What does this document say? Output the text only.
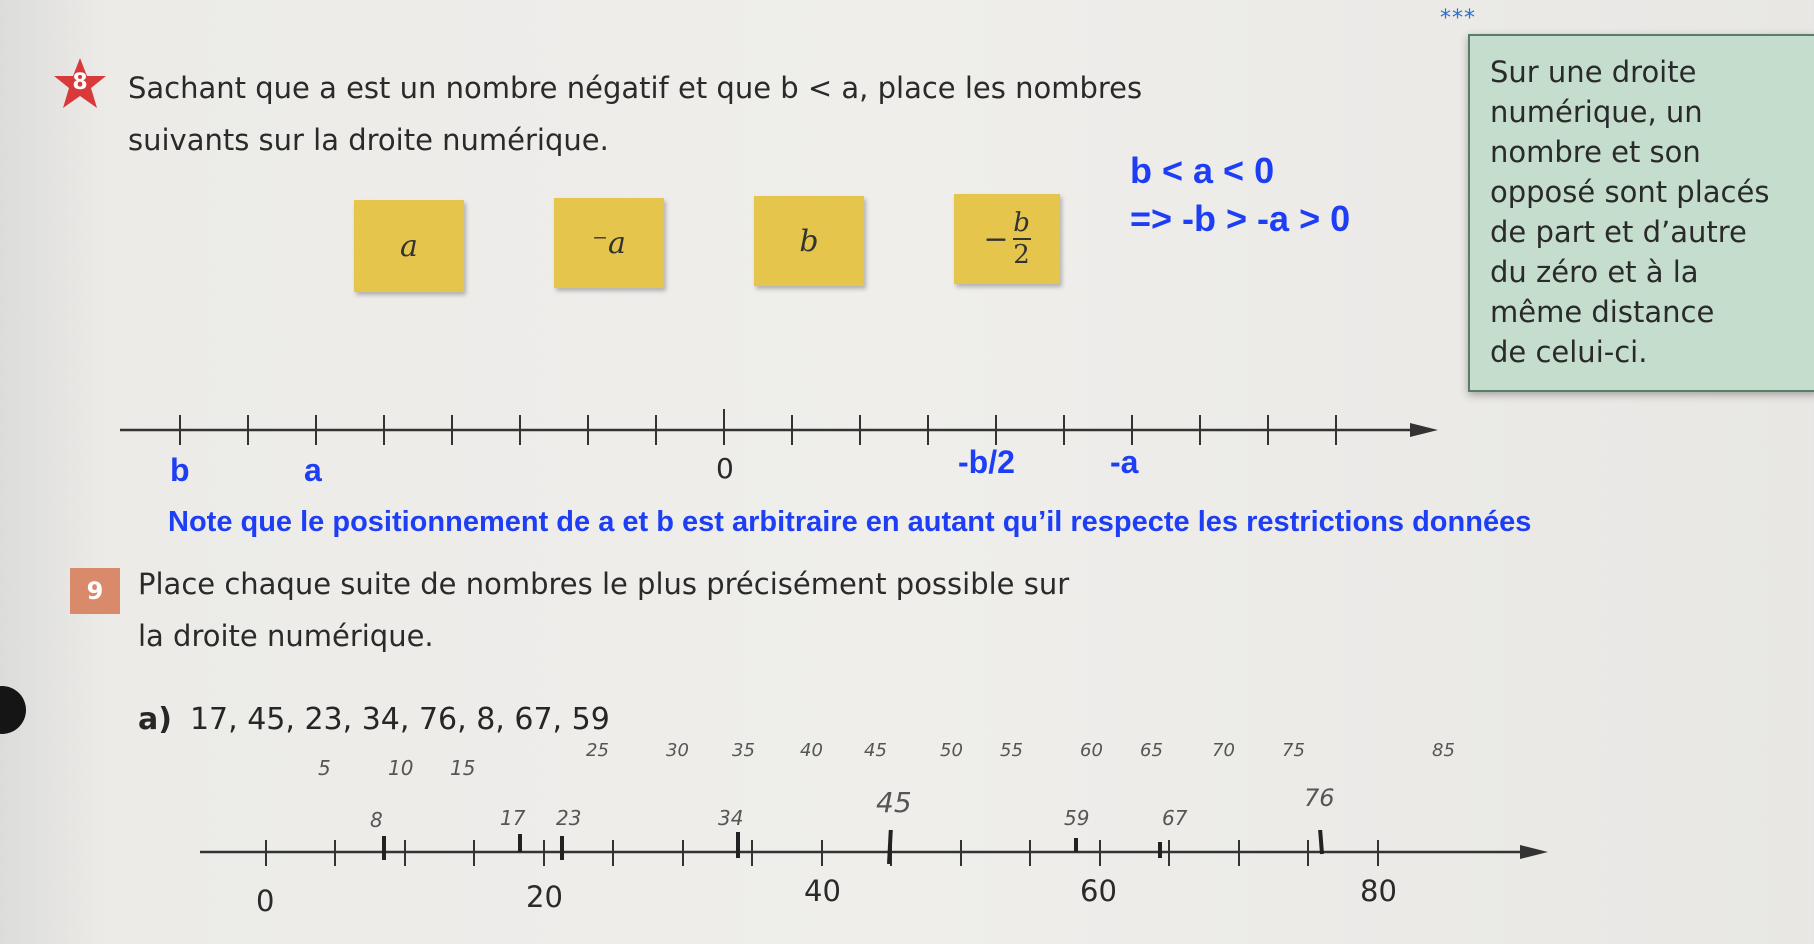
***
8	Sachant que a est un nombre négatif et que b < a, place les nombres
suivants sur la droite numérique.
a	⁻a	b	− $\frac{b}{2}$
b < a < 0
=> -b > -a > 0

Sur une droite
numérique, un
nombre et son
opposé sont placés
de part et d’autre
du zéro et à la
même distance
de celui-ci.

b	a	0	-b/2	-a
Note que le positionnement de a et b est arbitraire en autant qu’il respecte les restrictions données
9	Place chaque suite de nombres le plus précisément possible sur
la droite numérique.
a) 17, 45, 23, 34, 76, 8, 67, 59
5	10 15
25	30 35	40 45	50 55	60 65	70	75	85
8	17 23	34	45	59	67
76
0	20	40	60	80
